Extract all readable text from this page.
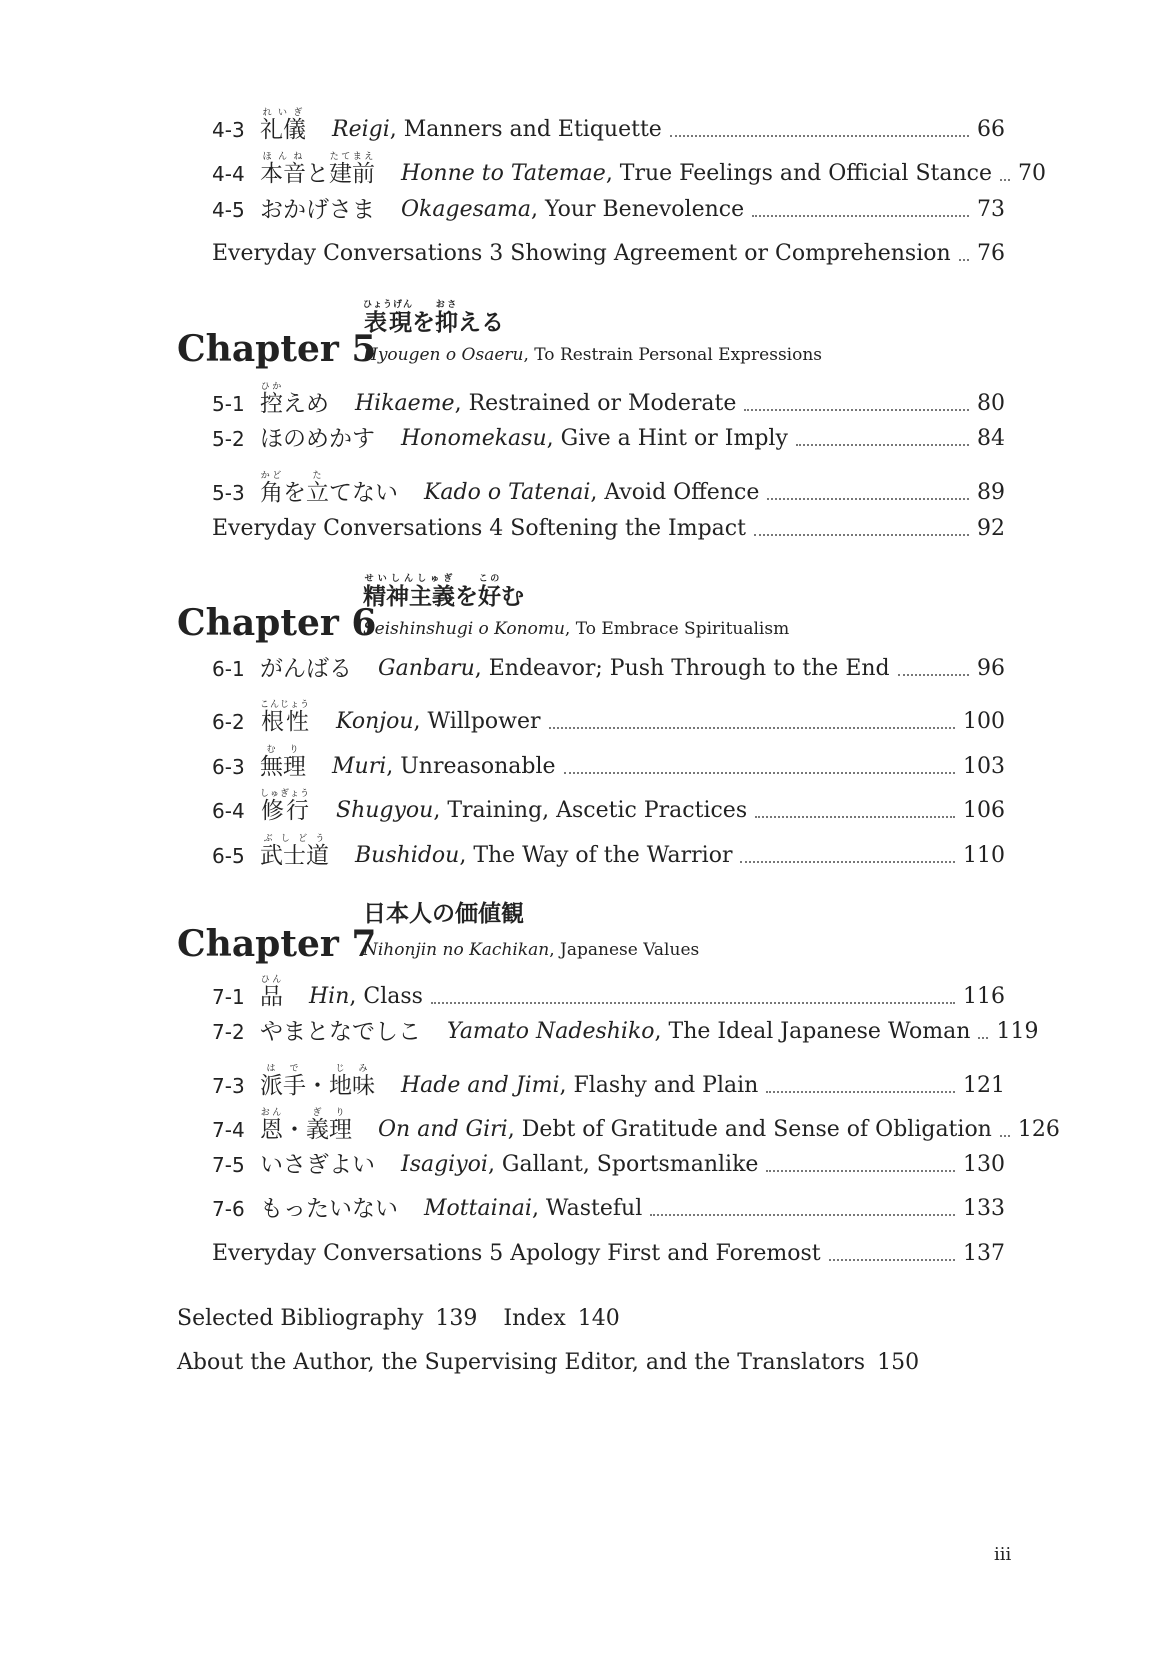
4-3 礼儀れいぎ
Reigi, Manners and Etiquette	66
4-4 本音ほんねと建前たてまえ
Honne to Tatemae, True Feelings and Official Stance 70
4-5 おかげさま Okagesama, Your Benevolence	73
Everyday Conversations 3 Showing Agreement or Comprehension 76
Chapter 5
表現ひょうげんを抑おさえる
Hyougen o Osaeru, To Restrain Personal Expressions
5-1 控ひかえめ Hikaeme, Restrained or Moderate	80
5-2 ほのめかす Honomekasu, Give a Hint or Imply	84
5-3 角かどを立たてない Kado o Tatenai, Avoid Offence	89
Everyday Conversations 4 Softening the Impact	92
Chapter 6
精神主義せいしんしゅぎを好このむ
Seishinshugi o Konomu, To Embrace Spiritualism
6-1 がんばる Ganbaru, Endeavor; Push Through to the End	96
6-2 根性こんじょう
Konjou, Willpower	100
6-3 無理むり
Muri, Unreasonable	103
6-4 修行しゅぎょう
Shugyou, Training, Ascetic Practices	106
6-5 武士道ぶしどう
Bushidou, The Way of the Warrior	110
Chapter 7
日本人の価値観
Nihonjin no Kachikan, Japanese Values
7-1 品ひん
Hin, Class	116
7-2 やまとなでしこ Yamato Nadeshiko, The Ideal Japanese Woman 119
7-3 派手はで・地味じみ
Hade and Jimi, Flashy and Plain	121
7-4 恩おん・義理ぎり
On and Giri, Debt of Gratitude and Sense of Obligation 126
7-5 いさぎよい Isagiyoi, Gallant, Sportsmanlike	130
7-6 もったいない Mottainai, Wasteful	133
Everyday Conversations 5 Apology First and Foremost	137
Selected Bibliography 139 Index 140
About the Author, the Supervising Editor, and the Translators 150
iii
